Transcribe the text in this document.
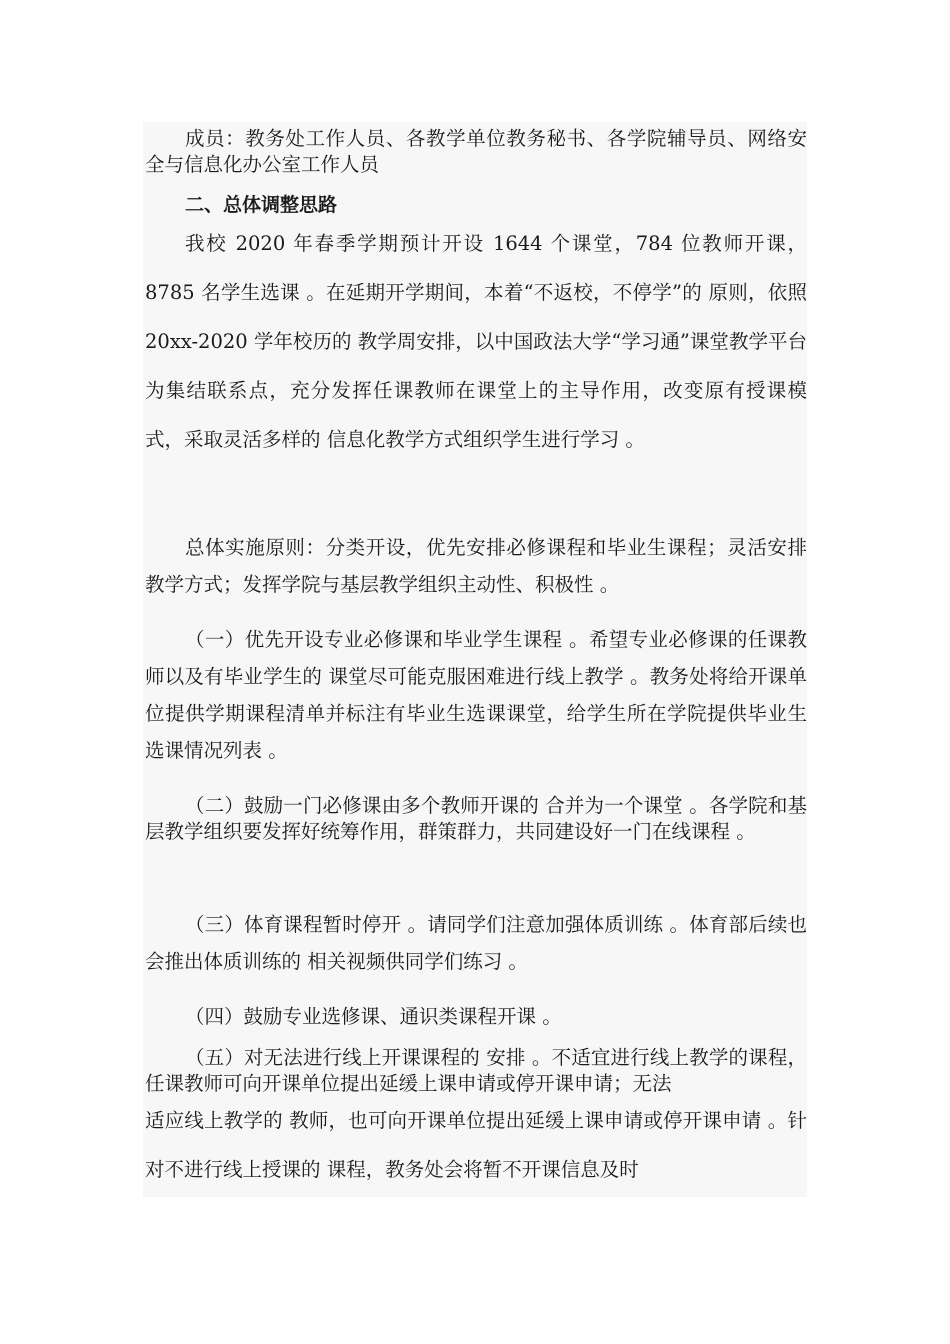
成员：教务处工作人员、各教学单位教务秘书、各学院辅导员、网络安全与信息化办公室工作人员

二、总体调整思路

我校 2020 年春季学期预计开设 1644 个课堂，784 位教师开课，8785 名学生选课 。在延期开学期间，本着“不返校，不停学”的 原则，依照 20xx-2020 学年校历的 教学周安排，以中国政法大学“学习通”课堂教学平台为集结联系点，充分发挥任课教师在课堂上的主导作用，改变原有授课模式，采取灵活多样的 信息化教学方式组织学生进行学习 。

总体实施原则：分类开设，优先安排必修课程和毕业生课程；灵活安排教学方式；发挥学院与基层教学组织主动性、积极性 。

（一）优先开设专业必修课和毕业学生课程 。希望专业必修课的任课教师以及有毕业学生的 课堂尽可能克服困难进行线上教学 。教务处将给开课单位提供学期课程清单并标注有毕业生选课课堂，给学生所在学院提供毕业生选课情况列表 。

（二）鼓励一门必修课由多个教师开课的 合并为一个课堂 。各学院和基层教学组织要发挥好统筹作用，群策群力，共同建设好一门在线课程 。

（三）体育课程暂时停开 。请同学们注意加强体质训练 。体育部后续也会推出体质训练的 相关视频供同学们练习 。

（四）鼓励专业选修课、通识类课程开课 。

（五）对无法进行线上开课课程的 安排 。不适宜进行线上教学的课程，任课教师可向开课单位提出延缓上课申请或停开课申请；无法

适应线上教学的 教师，也可向开课单位提出延缓上课申请或停开课申请 。针对不进行线上授课的 课程，教务处会将暂不开课信息及时
